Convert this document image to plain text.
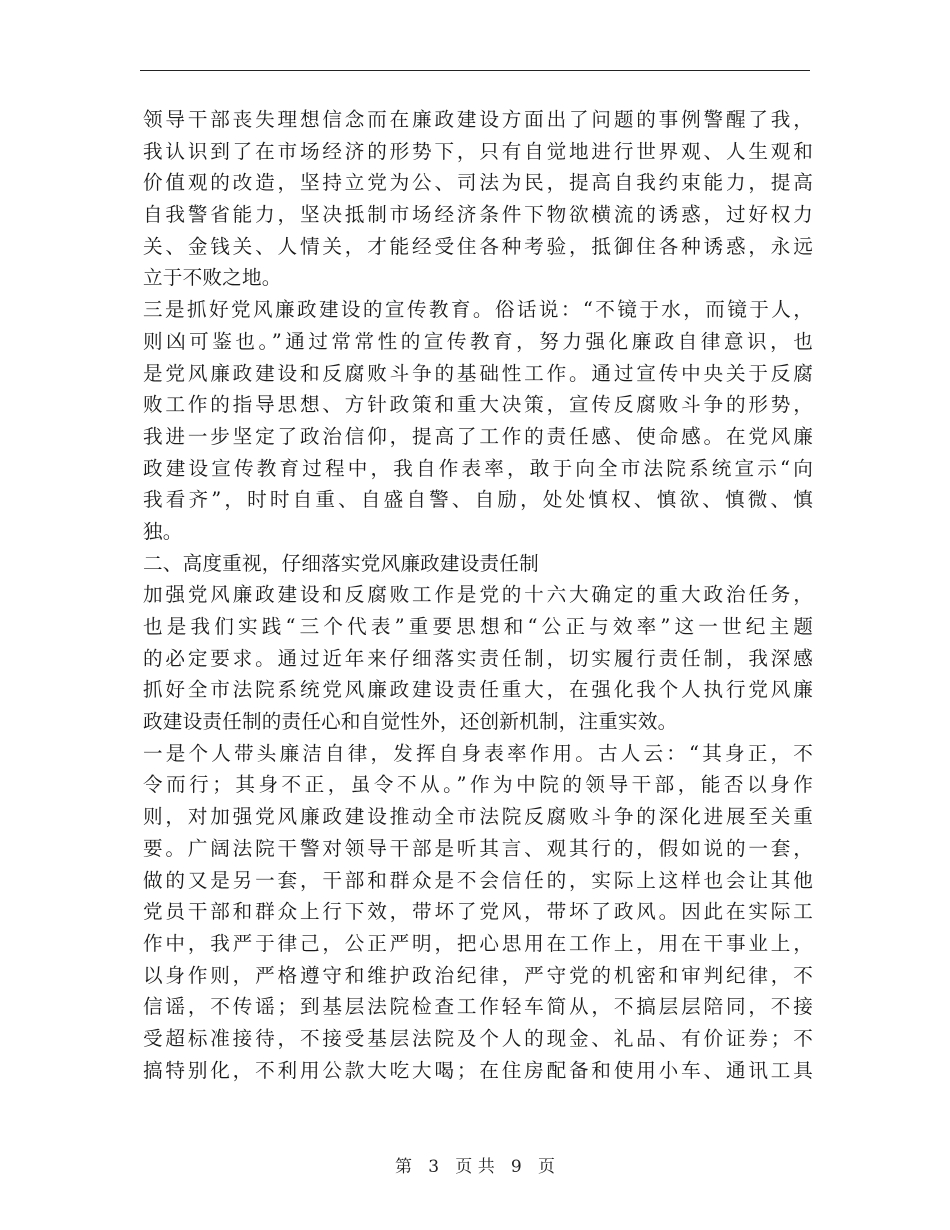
领导干部丧失理想信念而在廉政建设方面出了问题的事例警醒了我，
我认识到了在市场经济的形势下，只有自觉地进行世界观、人生观和
价值观的改造，坚持立党为公、司法为民，提高自我约束能力，提高
自我警省能力，坚决抵制市场经济条件下物欲横流的诱惑，过好权力
关、金钱关、人情关，才能经受住各种考验，抵御住各种诱惑，永远
立于不败之地。
三是抓好党风廉政建设的宣传教育。俗话说：“不镜于水，而镜于人，
则凶可鉴也。”通过常常性的宣传教育，努力强化廉政自律意识，也
是党风廉政建设和反腐败斗争的基础性工作。通过宣传中央关于反腐
败工作的指导思想、方针政策和重大决策，宣传反腐败斗争的形势，
我进一步坚定了政治信仰，提高了工作的责任感、使命感。在党风廉
政建设宣传教育过程中，我自作表率，敢于向全市法院系统宣示“向
我看齐”，时时自重、自盛自警、自励，处处慎权、慎欲、慎微、慎
独。
二、高度重视，仔细落实党风廉政建设责任制
加强党风廉政建设和反腐败工作是党的十六大确定的重大政治任务，
也是我们实践“三个代表”重要思想和“公正与效率”这一世纪主题
的必定要求。通过近年来仔细落实责任制，切实履行责任制，我深感
抓好全市法院系统党风廉政建设责任重大，在强化我个人执行党风廉
政建设责任制的责任心和自觉性外，还创新机制，注重实效。
一是个人带头廉洁自律，发挥自身表率作用。古人云：“其身正，不
令而行；其身不正，虽令不从。”作为中院的领导干部，能否以身作
则，对加强党风廉政建设推动全市法院反腐败斗争的深化进展至关重
要。广阔法院干警对领导干部是听其言、观其行的，假如说的一套，
做的又是另一套，干部和群众是不会信任的，实际上这样也会让其他
党员干部和群众上行下效，带坏了党风，带坏了政风。因此在实际工
作中，我严于律己，公正严明，把心思用在工作上，用在干事业上，
以身作则，严格遵守和维护政治纪律，严守党的机密和审判纪律，不
信谣，不传谣；到基层法院检查工作轻车简从，不搞层层陪同，不接
受超标准接待，不接受基层法院及个人的现金、礼品、有价证券；不
搞特别化，不利用公款大吃大喝；在住房配备和使用小车、通讯工具
第 3 页 共 9 页
